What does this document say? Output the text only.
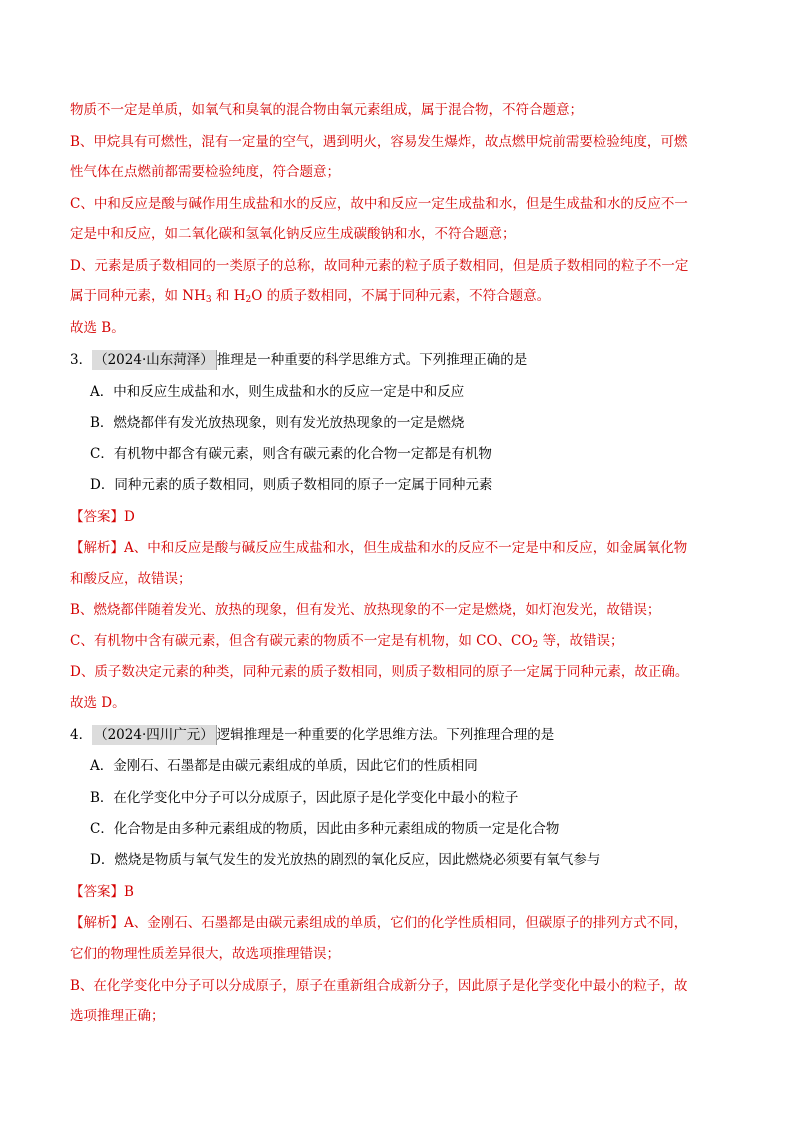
物质不一定是单质，如氧气和臭氧的混合物由氧元素组成，属于混合物，不符合题意；
B、甲烷具有可燃性，混有一定量的空气，遇到明火，容易发生爆炸，故点燃甲烷前需要检验纯度，可燃
性气体在点燃前都需要检验纯度，符合题意；
C、中和反应是酸与碱作用生成盐和水的反应，故中和反应一定生成盐和水，但是生成盐和水的反应不一
定是中和反应，如二氧化碳和氢氧化钠反应生成碳酸钠和水，不符合题意；
D、元素是质子数相同的一类原子的总称，故同种元素的粒子质子数相同，但是质子数相同的粒子不一定
属于同种元素，如 $NH_3$ 和 $H_2O$ 的质子数相同，不属于同种元素，不符合题意。
故选 B。
3． （2024·山东菏泽） 推理是一种重要的科学思维方式。下列推理正确的是
A．中和反应生成盐和水，则生成盐和水的反应一定是中和反应
B．燃烧都伴有发光放热现象，则有发光放热现象的一定是燃烧
C．有机物中都含有碳元素，则含有碳元素的化合物一定都是有机物
D．同种元素的质子数相同，则质子数相同的原子一定属于同种元素
【答案】D
【解析】A、中和反应是酸与碱反应生成盐和水，但生成盐和水的反应不一定是中和反应，如金属氧化物
和酸反应，故错误；
B、燃烧都伴随着发光、放热的现象，但有发光、放热现象的不一定是燃烧，如灯泡发光，故错误；
C、有机物中含有碳元素，但含有碳元素的物质不一定是有机物，如 CO、$CO_2$ 等，故错误；
D、质子数决定元素的种类，同种元素的质子数相同，则质子数相同的原子一定属于同种元素，故正确。
故选 D。
4． （2024·四川广元） 逻辑推理是一种重要的化学思维方法。下列推理合理的是
A．金刚石、石墨都是由碳元素组成的单质，因此它们的性质相同
B．在化学变化中分子可以分成原子，因此原子是化学变化中最小的粒子
C．化合物是由多种元素组成的物质，因此由多种元素组成的物质一定是化合物
D．燃烧是物质与氧气发生的发光放热的剧烈的氧化反应，因此燃烧必须要有氧气参与
【答案】B
【解析】A、金刚石、石墨都是由碳元素组成的单质，它们的化学性质相同，但碳原子的排列方式不同，
它们的物理性质差异很大，故选项推理错误；
B、在化学变化中分子可以分成原子，原子在重新组合成新分子，因此原子是化学变化中最小的粒子，故
选项推理正确；
